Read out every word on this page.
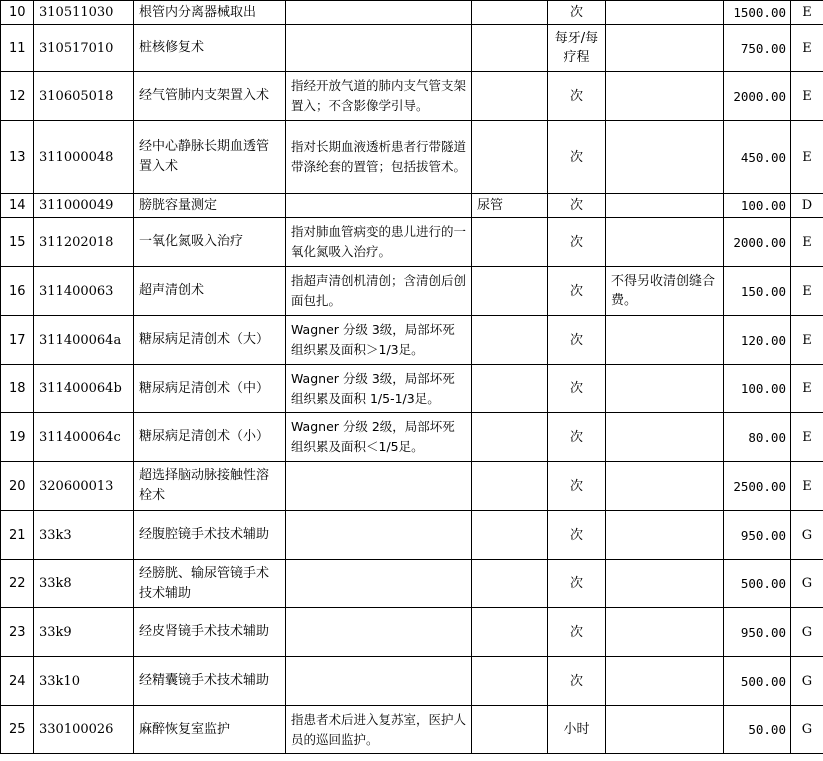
10	310511030	根管内分离器械取出			次		1500.00	E
11	310517010	桩核修复术			每牙/每疗程		750.00	E
12	310605018	经气管肺内支架置入术	指经开放气道的肺内支气管支架置入；不含影像学引导。		次		2000.00	E
13	311000048	经中心静脉长期血透管置入术	指对长期血液透析患者行带隧道带涤纶套的置管；包括拔管术。		次		450.00	E
14	311000049	膀胱容量测定		尿管	次		100.00	D
15	311202018	一氧化氮吸入治疗	指对肺血管病变的患儿进行的一氧化氮吸入治疗。		次		2000.00	E
16	311400063	超声清创术	指超声清创机清创；含清创后创面包扎。		次	不得另收清创缝合费。	150.00	E
17	311400064a	糖尿病足清创术（大）	Wagner 分级 3级，局部坏死组织累及面积＞1/3足。		次		120.00	E
18	311400064b	糖尿病足清创术（中）	Wagner 分级 3级，局部坏死组织累及面积 1/5-1/3足。		次		100.00	E
19	311400064c	糖尿病足清创术（小）	Wagner 分级 2级，局部坏死组织累及面积＜1/5足。		次		80.00	E
20	320600013	超选择脑动脉接触性溶栓术			次		2500.00	E
21	33k3	经腹腔镜手术技术辅助			次		950.00	G
22	33k8	经膀胱、输尿管镜手术技术辅助			次		500.00	G
23	33k9	经皮肾镜手术技术辅助			次		950.00	G
24	33k10	经精囊镜手术技术辅助			次		500.00	G
25	330100026	麻醉恢复室监护	指患者术后进入复苏室，医护人员的巡回监护。		小时		50.00	G
